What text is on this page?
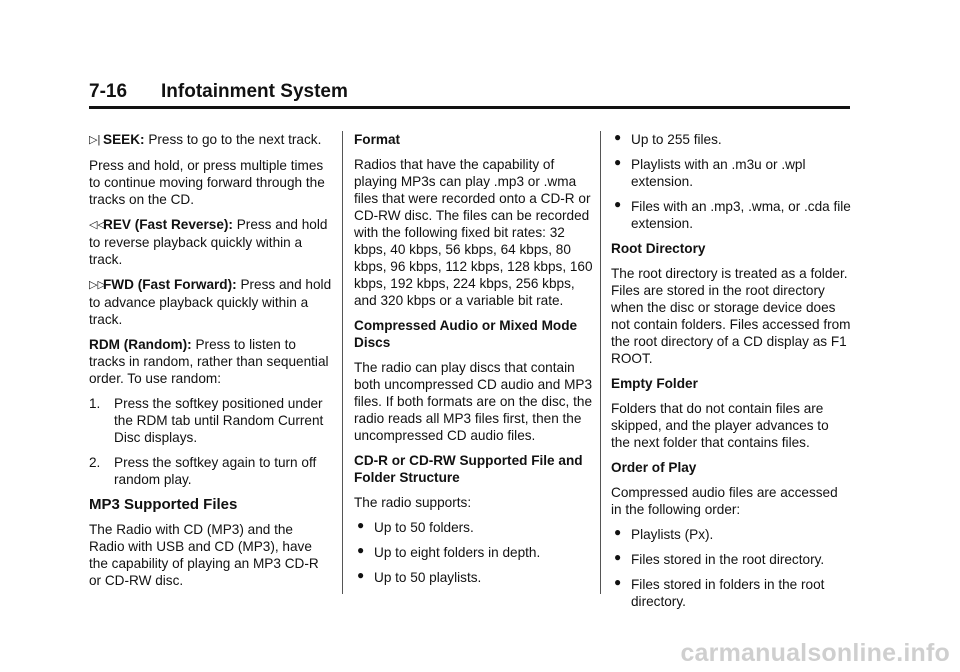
7-16 Infotainment System

▷| SEEK: Press to go to the next track.

Press and hold, or press multiple times to continue moving forward through the tracks on the CD.

◁◁REV (Fast Reverse): Press and hold to reverse playback quickly within a track.

▷▷FWD (Fast Forward): Press and hold to advance playback quickly within a track.

RDM (Random): Press to listen to tracks in random, rather than sequential order. To use random:

1. Press the softkey positioned under the RDM tab until Random Current Disc displays.
2. Press the softkey again to turn off random play.
MP3 Supported Files

The Radio with CD (MP3) and the Radio with USB and CD (MP3), have the capability of playing an MP3 CD-R or CD-RW disc.

Format

Radios that have the capability of playing MP3s can play .mp3 or .wma files that were recorded onto a CD-R or CD-RW disc. The files can be recorded with the following fixed bit rates: 32 kbps, 40 kbps, 56 kbps, 64 kbps, 80 kbps, 96 kbps, 112 kbps, 128 kbps, 160 kbps, 192 kbps, 224 kbps, 256 kbps, and 320 kbps or a variable bit rate.

Compressed Audio or Mixed Mode Discs

The radio can play discs that contain both uncompressed CD audio and MP3 files. If both formats are on the disc, the radio reads all MP3 files first, then the uncompressed CD audio files.

CD-R or CD-RW Supported File and Folder Structure

The radio supports:

● Up to 50 folders.
● Up to eight folders in depth.
● Up to 50 playlists.
● Up to 255 files.
● Playlists with an .m3u or .wpl extension.
● Files with an .mp3, .wma, or .cda file extension.
Root Directory

The root directory is treated as a folder. Files are stored in the root directory when the disc or storage device does not contain folders. Files accessed from the root directory of a CD display as F1 ROOT.

Empty Folder

Folders that do not contain files are skipped, and the player advances to the next folder that contains files.

Order of Play

Compressed audio files are accessed in the following order:

● Playlists (Px).
● Files stored in the root directory.
● Files stored in folders in the root directory.
carmanualsonline.info
